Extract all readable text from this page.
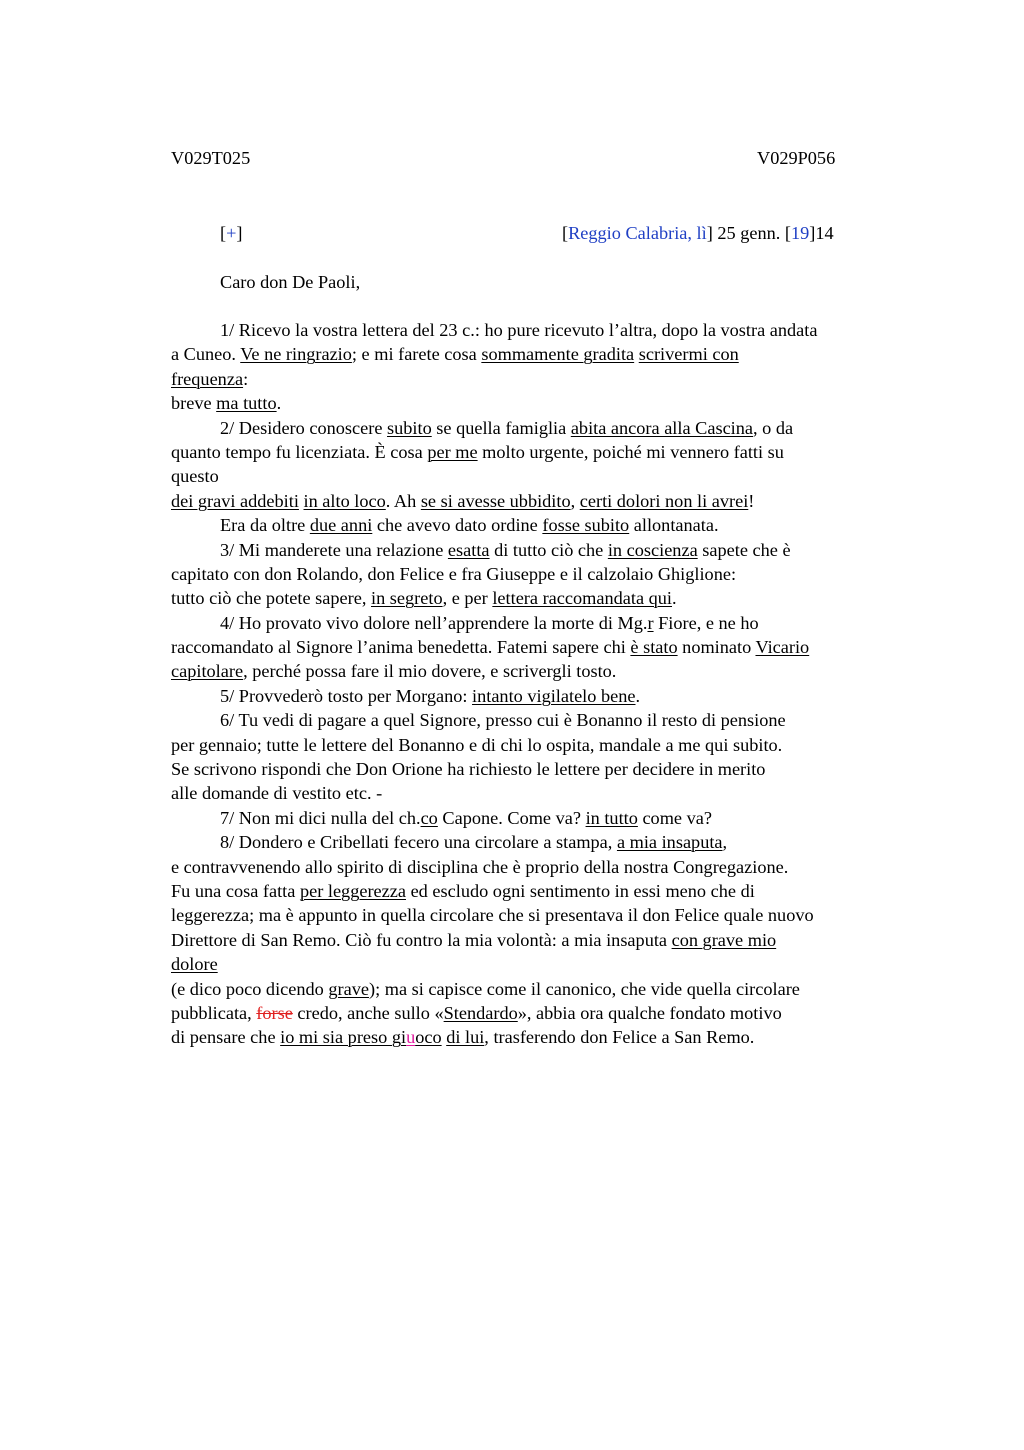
V029T025	V029P056
[+]	[Reggio Calabria, lì] 25 genn. [19]14
Caro don De Paoli,
1/ Ricevo la vostra lettera del 23 c.: ho pure ricevuto l’altra, dopo la vostra andata
a Cuneo. Ve ne ringrazio; e mi farete cosa sommamente gradita scrivermi con
frequenza:
breve ma tutto.
2/ Desidero conoscere subito se quella famiglia abita ancora alla Cascina, o da
quanto tempo fu licenziata. È cosa per me molto urgente, poiché mi vennero fatti su
questo
dei gravi addebiti in alto loco. Ah se si avesse ubbidito, certi dolori non li avrei!
Era da oltre due anni che avevo dato ordine fosse subito allontanata.
3/ Mi manderete una relazione esatta di tutto ciò che in coscienza sapete che è
capitato con don Rolando, don Felice e fra Giuseppe e il calzolaio Ghiglione:
tutto ciò che potete sapere, in segreto, e per lettera raccomandata qui.
4/ Ho provato vivo dolore nell’apprendere la morte di Mg.r Fiore, e ne ho
raccomandato al Signore l’anima benedetta. Fatemi sapere chi è stato nominato Vicario
capitolare, perché possa fare il mio dovere, e scrivergli tosto.
5/ Provvederò tosto per Morgano: intanto vigilatelo bene.
6/ Tu vedi di pagare a quel Signore, presso cui è Bonanno il resto di pensione
per gennaio; tutte le lettere del Bonanno e di chi lo ospita, mandale a me qui subito.
Se scrivono rispondi che Don Orione ha richiesto le lettere per decidere in merito
alle domande di vestito etc. -
7/ Non mi dici nulla del ch.co Capone. Come va? in tutto come va?
8/ Dondero e Cribellati fecero una circolare a stampa, a mia insaputa,
e contravvenendo allo spirito di disciplina che è proprio della nostra Congregazione.
Fu una cosa fatta per leggerezza ed escludo ogni sentimento in essi meno che di
leggerezza; ma è appunto in quella circolare che si presentava il don Felice quale nuovo
Direttore di San Remo. Ciò fu contro la mia volontà: a mia insaputa con grave mio
dolore
(e dico poco dicendo grave); ma si capisce come il canonico, che vide quella circolare
pubblicata, forse credo, anche sullo «Stendardo», abbia ora qualche fondato motivo
di pensare che io mi sia preso giuoco di lui, trasferendo don Felice a San Remo.
